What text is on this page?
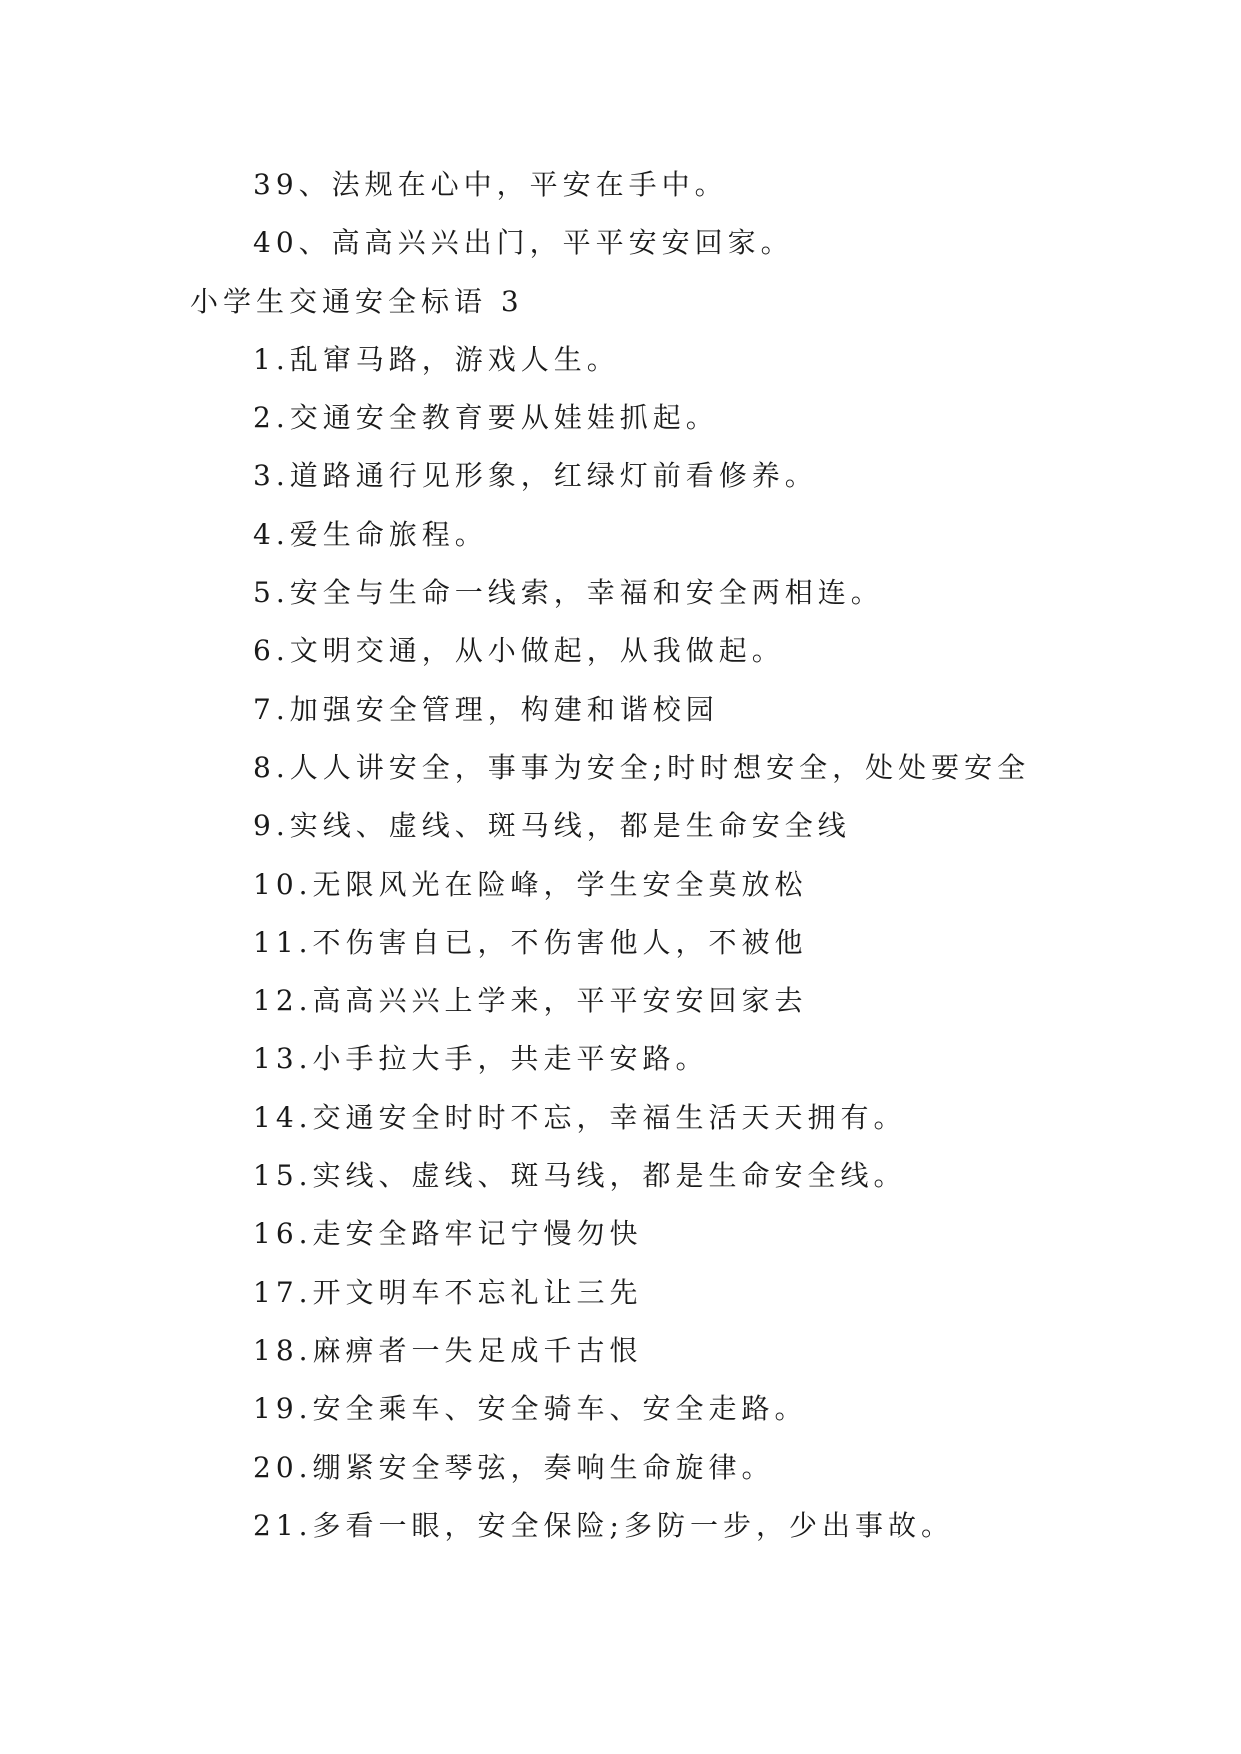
39、法规在心中，平安在手中。
40、高高兴兴出门，平平安安回家。
小学生交通安全标语 3
1.乱窜马路，游戏人生。
2.交通安全教育要从娃娃抓起。
3.道路通行见形象，红绿灯前看修养。
4.爱生命旅程。
5.安全与生命一线索，幸福和安全两相连。
6.文明交通，从小做起，从我做起。
7.加强安全管理，构建和谐校园
8.人人讲安全，事事为安全;时时想安全，处处要安全
9.实线、虚线、斑马线，都是生命安全线
10.无限风光在险峰，学生安全莫放松
11.不伤害自已，不伤害他人，不被他
12.高高兴兴上学来，平平安安回家去
13.小手拉大手，共走平安路。
14.交通安全时时不忘，幸福生活天天拥有。
15.实线、虚线、斑马线，都是生命安全线。
16.走安全路牢记宁慢勿快
17.开文明车不忘礼让三先
18.麻痹者一失足成千古恨
19.安全乘车、安全骑车、安全走路。
20.绷紧安全琴弦，奏响生命旋律。
21.多看一眼，安全保险;多防一步，少出事故。
